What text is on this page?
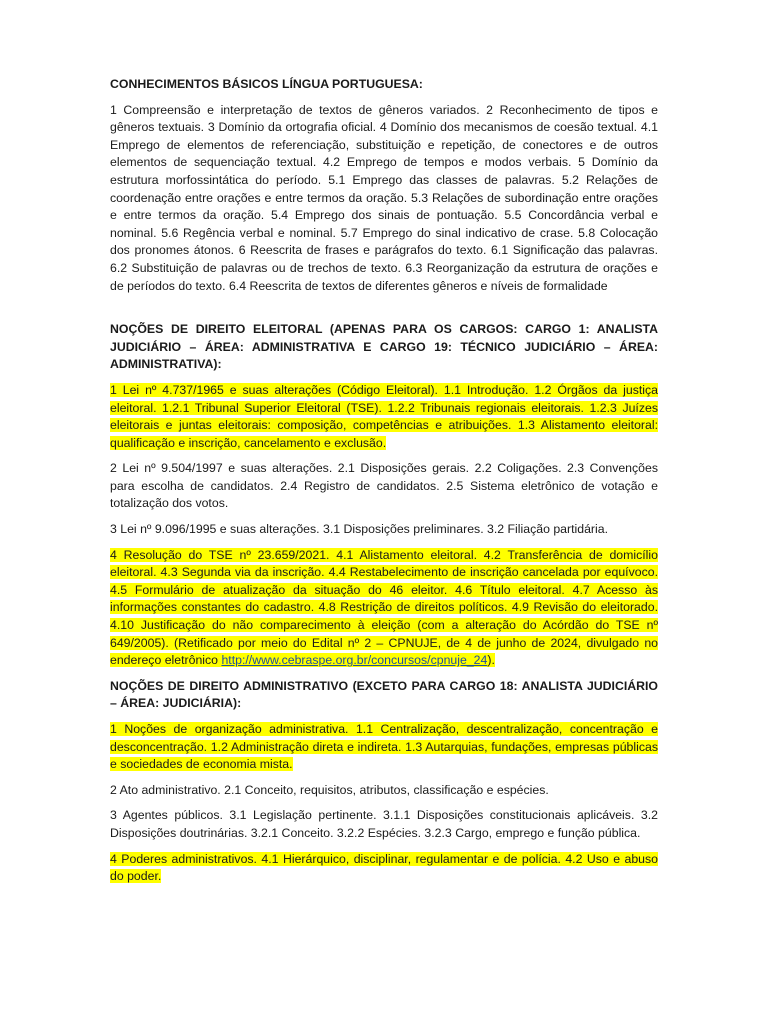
CONHECIMENTOS BÁSICOS LÍNGUA PORTUGUESA:

1 Compreensão e interpretação de textos de gêneros variados. 2 Reconhecimento de tipos e gêneros textuais. 3 Domínio da ortografia oficial. 4 Domínio dos mecanismos de coesão textual. 4.1 Emprego de elementos de referenciação, substituição e repetição, de conectores e de outros elementos de sequenciação textual. 4.2 Emprego de tempos e modos verbais. 5 Domínio da estrutura morfossintática do período. 5.1 Emprego das classes de palavras. 5.2 Relações de coordenação entre orações e entre termos da oração. 5.3 Relações de subordinação entre orações e entre termos da oração. 5.4 Emprego dos sinais de pontuação. 5.5 Concordância verbal e nominal. 5.6 Regência verbal e nominal. 5.7 Emprego do sinal indicativo de crase. 5.8 Colocação dos pronomes átonos. 6 Reescrita de frases e parágrafos do texto. 6.1 Significação das palavras. 6.2 Substituição de palavras ou de trechos de texto. 6.3 Reorganização da estrutura de orações e de períodos do texto. 6.4 Reescrita de textos de diferentes gêneros e níveis de formalidade

NOÇÕES DE DIREITO ELEITORAL (APENAS PARA OS CARGOS: CARGO 1: ANALISTA JUDICIÁRIO – ÁREA: ADMINISTRATIVA E CARGO 19: TÉCNICO JUDICIÁRIO – ÁREA: ADMINISTRATIVA):

1 Lei nº 4.737/1965 e suas alterações (Código Eleitoral). 1.1 Introdução. 1.2 Órgãos da justiça eleitoral. 1.2.1 Tribunal Superior Eleitoral (TSE). 1.2.2 Tribunais regionais eleitorais. 1.2.3 Juízes eleitorais e juntas eleitorais: composição, competências e atribuições. 1.3 Alistamento eleitoral: qualificação e inscrição, cancelamento e exclusão.

2 Lei nº 9.504/1997 e suas alterações. 2.1 Disposições gerais. 2.2 Coligações. 2.3 Convenções para escolha de candidatos. 2.4 Registro de candidatos. 2.5 Sistema eletrônico de votação e totalização dos votos.

3 Lei nº 9.096/1995 e suas alterações. 3.1 Disposições preliminares. 3.2 Filiação partidária.

4 Resolução do TSE nº 23.659/2021. 4.1 Alistamento eleitoral. 4.2 Transferência de domicílio eleitoral. 4.3 Segunda via da inscrição. 4.4 Restabelecimento de inscrição cancelada por equívoco. 4.5 Formulário de atualização da situação do 46 eleitor. 4.6 Título eleitoral. 4.7 Acesso às informações constantes do cadastro. 4.8 Restrição de direitos políticos. 4.9 Revisão do eleitorado. 4.10 Justificação do não comparecimento à eleição (com a alteração do Acórdão do TSE nº 649/2005). (Retificado por meio do Edital nº 2 – CPNUJE, de 4 de junho de 2024, divulgado no endereço eletrônico http://www.cebraspe.org.br/concursos/cpnuje_24).

NOÇÕES DE DIREITO ADMINISTRATIVO (EXCETO PARA CARGO 18: ANALISTA JUDICIÁRIO – ÁREA: JUDICIÁRIA):

1 Noções de organização administrativa. 1.1 Centralização, descentralização, concentração e desconcentração. 1.2 Administração direta e indireta. 1.3 Autarquias, fundações, empresas públicas e sociedades de economia mista.

2 Ato administrativo. 2.1 Conceito, requisitos, atributos, classificação e espécies.

3 Agentes públicos. 3.1 Legislação pertinente. 3.1.1 Disposições constitucionais aplicáveis. 3.2 Disposições doutrinárias. 3.2.1 Conceito. 3.2.2 Espécies. 3.2.3 Cargo, emprego e função pública.

4 Poderes administrativos. 4.1 Hierárquico, disciplinar, regulamentar e de polícia. 4.2 Uso e abuso do poder.
